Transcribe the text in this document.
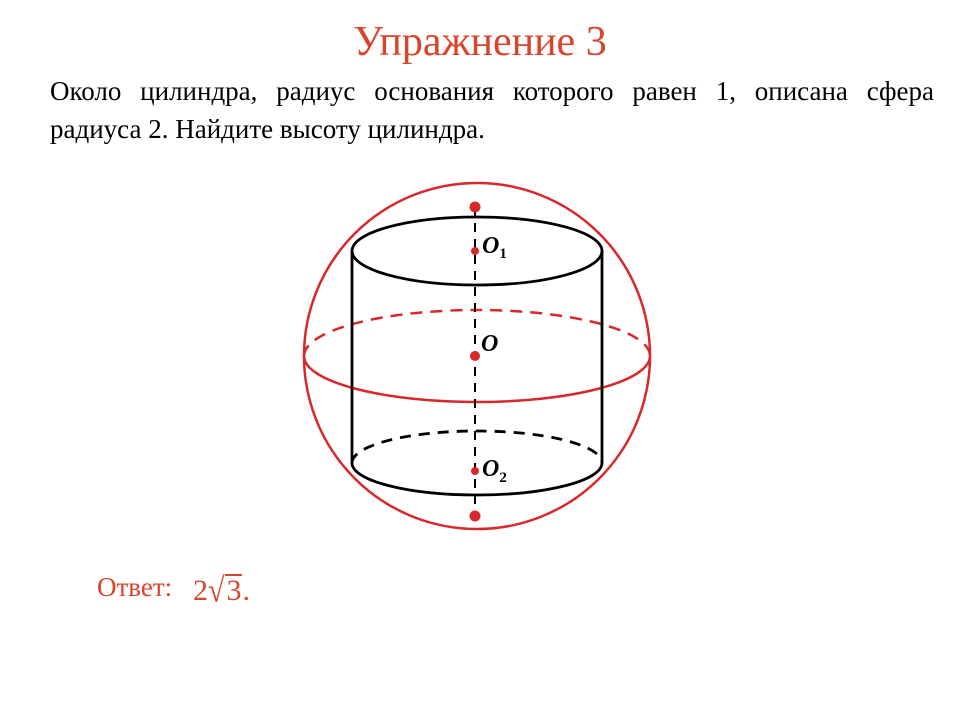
Упражнение 3
Около цилиндра, радиус основания которого равен 1, описана сфера радиуса 2. Найдите высоту цилиндра.
$O_1$
O
$O_2$
Ответ: 2√3.
